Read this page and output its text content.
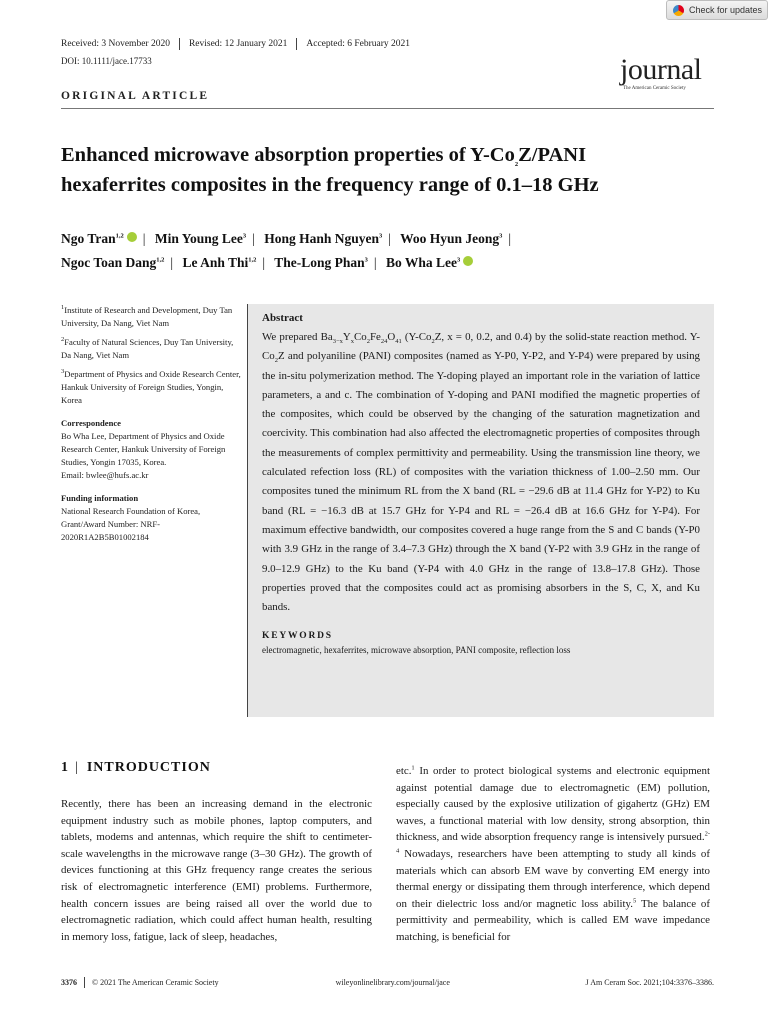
Check for updates
Received: 3 November 2020 Revised: 12 January 2021 Accepted: 6 February 2021
DOI: 10.1111/jace.17733	journal
The American Ceramic Society
ORIGINAL ARTICLE
Enhanced microwave absorption properties of $Y-Co_2Z$/PANI
hexaferrites composites in the frequency range of 0.1–18 GHz
Ngo Tran$^{1,2}$ | Min Young Lee$^3$ | Hong Hanh Nguyen$^3$ | Woo Hyun Jeong$^3$ |
Ngoc Toan Dang$^{1,2}$ | Le Anh Thi$^{1,2}$ | The-Long Phan$^3$ | Bo Wha Lee$^3$

$^1$Institute of Research and Development, Duy Tan University, Da Nang, Viet Nam

$^2$Faculty of Natural Sciences, Duy Tan University, Da Nang, Viet Nam

$^3$Department of Physics and Oxide Research Center, Hankuk University of Foreign Studies, Yongin, Korea

Correspondence

Bo Wha Lee, Department of Physics and Oxide Research Center, Hankuk University of Foreign Studies, Yongin 17035, Korea.

Email: bwlee@hufs.ac.kr

Funding information

National Research Foundation of Korea, Grant/Award Number: NRF-2020R1A2B5B01002184

Abstract
We prepared $Ba_{3-x}Y_xCo_2Fe_{24}O_{41}$ ($Y-Co_2Z$, x = 0, 0.2, and 0.4) by the solid-state reaction method. $Y-Co_2Z$ and polyaniline (PANI) composites (named as Y-P0, Y-P2, and Y-P4) were prepared by using the in-situ polymerization method. The Y-doping played an important role in the variation of lattice parameters, a and c. The combination of Y-doping and PANI modified the magnetic properties of the composites, which could be observed by the changing of the saturation magnetization and coercivity. This combination had also affected the electromagnetic properties of composites through the measurements of complex permittivity and permeability. Using the transmission line theory, we calculated refection loss (RL) of composites with the variation thickness of 1.00–2.50 mm. Our composites tuned the minimum RL from the X band (RL = −29.6 dB at 11.4 GHz for Y-P2) to Ku band (RL = −16.3 dB at 15.7 GHz for Y-P4 and RL = −26.4 dB at 16.6 GHz for Y-P4). For maximum effective bandwidth, our composites covered a huge range from the S and C bands (Y-P0 with 3.9 GHz in the range of 3.4–7.3 GHz) through the X band (Y-P2 with 3.9 GHz in the range of 9.0–12.9 GHz) to the Ku band (Y-P4 with 4.0 GHz in the range of 13.8–17.8 GHz). Those properties proved that the composites could act as promising absorbers in the S, C, X, and Ku bands.
KEYWORDS
electromagnetic, hexaferrites, microwave absorption, PANI composite, reflection loss
1 | INTRODUCTION
Recently, there has been an increasing demand in the electronic equipment industry such as mobile phones, laptop computers, and tablets, modems and antennas, which require the shift to centimeter-scale wavelengths in the microwave range (3–30 GHz). The growth of devices functioning at this GHz frequency range creates the serious risk of electromagnetic interference (EMI) problems. Furthermore, health concern issues are being raised all over the world due to electromagnetic radiation, which could affect human health, resulting in memory loss, fatigue, lack of sleep, headaches,
etc.$^1$ In order to protect biological systems and electronic equipment against potential damage due to electromagnetic (EM) pollution, especially caused by the explosive utilization of gigahertz (GHz) EM waves, a functional material with low density, strong absorption, thin thickness, and wide absorption frequency range is intensively pursued.$^{2-4}$ Nowadays, researchers have been attempting to study all kinds of materials which can absorb EM wave by converting EM energy into thermal energy or dissipating them through interference, which depend on their dielectric loss and/or magnetic loss ability.$^5$ The balance of permittivity and permeability, which is called EM wave impedance matching, is beneficial for
3376 © 2021 The American Ceramic Society	wileyonlinelibrary.com/journal/jace	J Am Ceram Soc. 2021;104:3376–3386.
